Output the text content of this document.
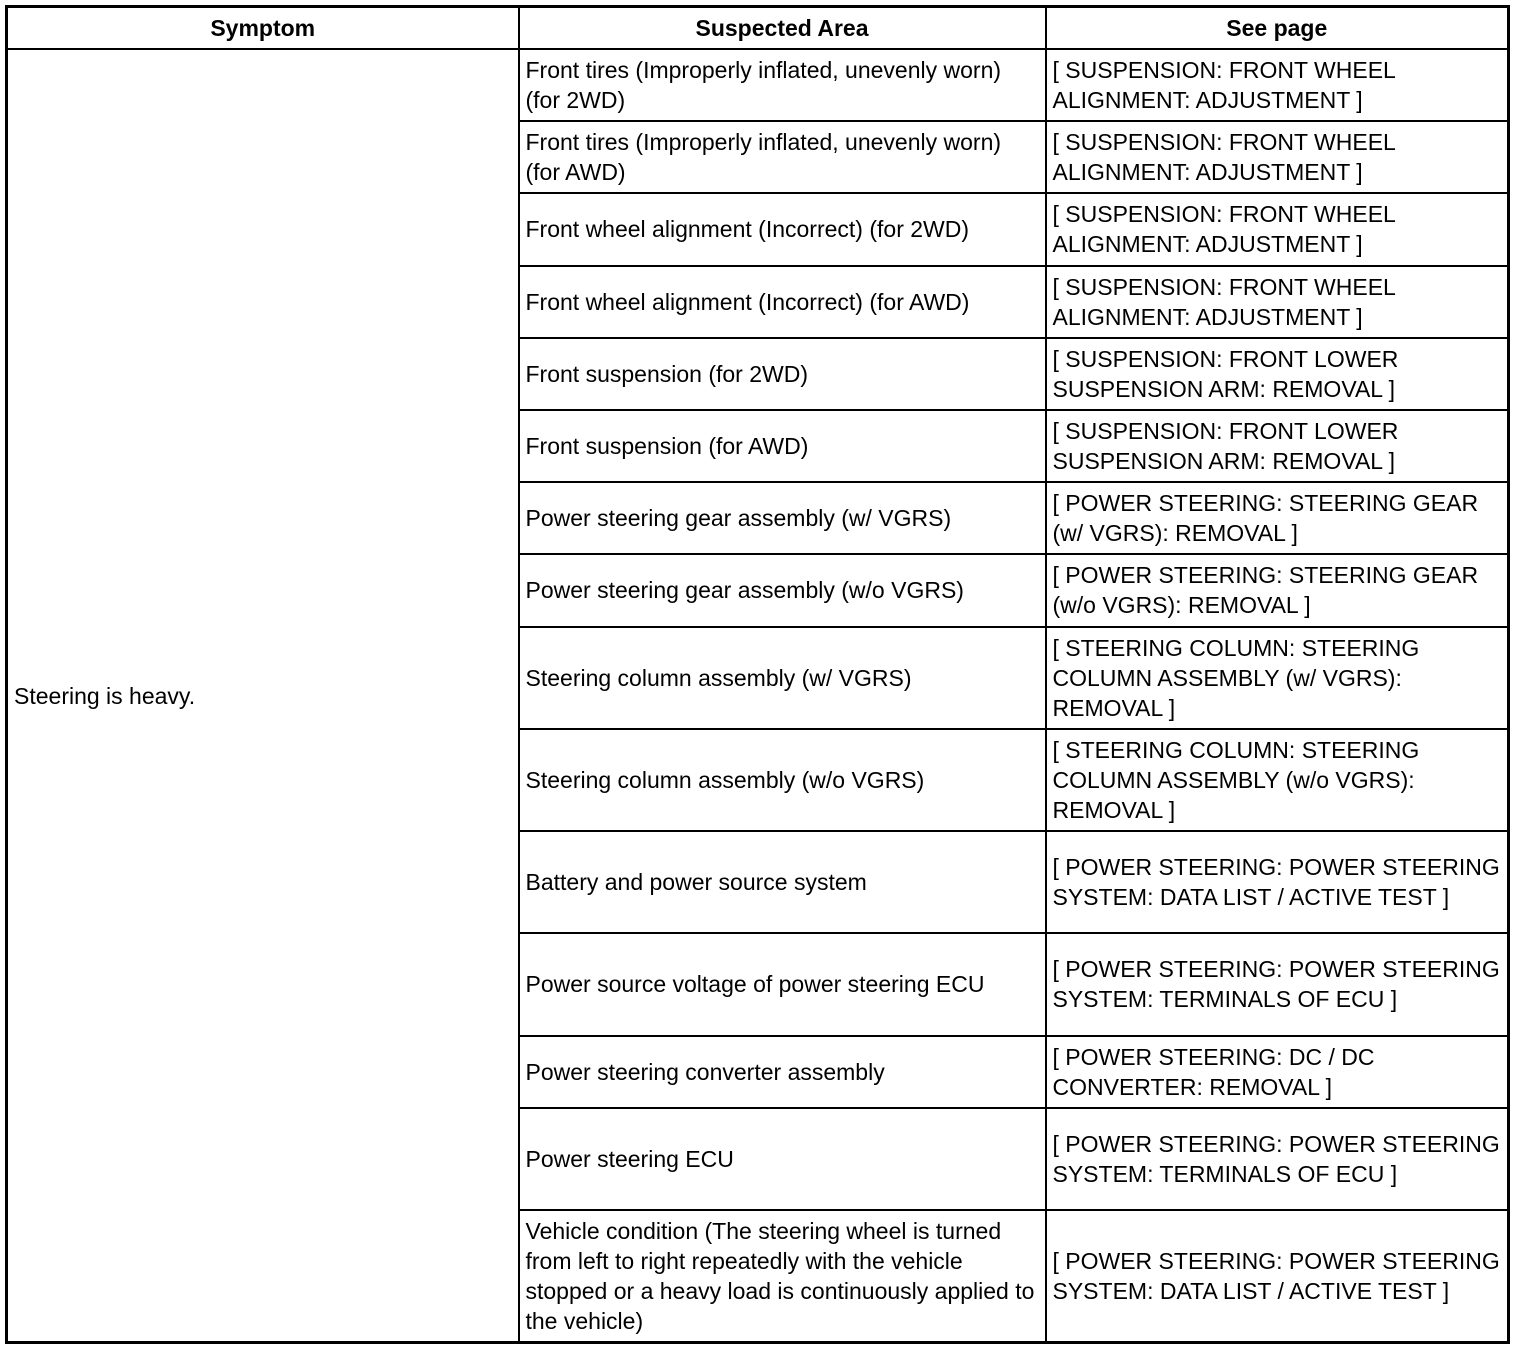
Symptom	Suspected Area	See page
Steering is heavy.	Front tires (Improperly inflated, unevenly worn) (for 2WD)	[ SUSPENSION: FRONT WHEEL ALIGNMENT: ADJUSTMENT ]
	Front tires (Improperly inflated, unevenly worn) (for AWD)	[ SUSPENSION: FRONT WHEEL ALIGNMENT: ADJUSTMENT ]
	Front wheel alignment (Incorrect) (for 2WD)	[ SUSPENSION: FRONT WHEEL ALIGNMENT: ADJUSTMENT ]
	Front wheel alignment (Incorrect) (for AWD)	[ SUSPENSION: FRONT WHEEL ALIGNMENT: ADJUSTMENT ]
	Front suspension (for 2WD)	[ SUSPENSION: FRONT LOWER SUSPENSION ARM: REMOVAL ]
	Front suspension (for AWD)	[ SUSPENSION: FRONT LOWER SUSPENSION ARM: REMOVAL ]
	Power steering gear assembly (w/ VGRS)	[ POWER STEERING: STEERING GEAR (w/ VGRS): REMOVAL ]
	Power steering gear assembly (w/o VGRS)	[ POWER STEERING: STEERING GEAR (w/o VGRS): REMOVAL ]
	Steering column assembly (w/ VGRS)	[ STEERING COLUMN: STEERING COLUMN ASSEMBLY (w/ VGRS): REMOVAL ]
	Steering column assembly (w/o VGRS)	[ STEERING COLUMN: STEERING COLUMN ASSEMBLY (w/o VGRS): REMOVAL ]
	Battery and power source system	[ POWER STEERING: POWER STEERING SYSTEM: DATA LIST / ACTIVE TEST ]
	Power source voltage of power steering ECU	[ POWER STEERING: POWER STEERING SYSTEM: TERMINALS OF ECU ]
	Power steering converter assembly	[ POWER STEERING: DC / DC CONVERTER: REMOVAL ]
	Power steering ECU	[ POWER STEERING: POWER STEERING SYSTEM: TERMINALS OF ECU ]
	Vehicle condition (The steering wheel is turned from left to right repeatedly with the vehicle stopped or a heavy load is continuously applied to the vehicle)	[ POWER STEERING: POWER STEERING SYSTEM: DATA LIST / ACTIVE TEST ]
